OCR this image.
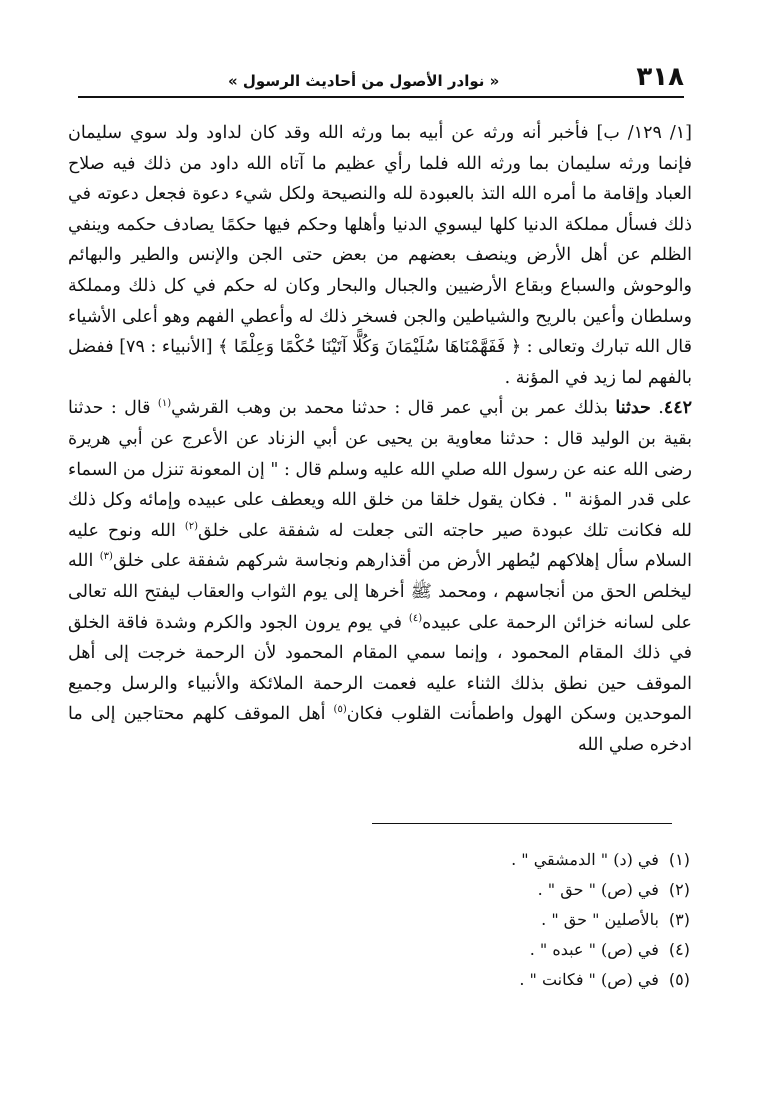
٣١٨
« نوادر الأصول من أحاديث الرسول »

[١/ ١٢٩/ ب] فأخبر أنه ورثه عن أبيه بما ورثه الله وقد كان لداود ولد سوي سليمان فإنما ورثه سليمان بما ورثه الله فلما رأي عظيم ما آتاه الله داود من ذلك فيه صلاح العباد وإقامة ما أمره الله التذ بالعبودة لله والنصيحة ولكل شيء دعوة فجعل دعوته في ذلك فسأل مملكة الدنيا كلها ليسوي الدنيا وأهلها وحكم فيها حكمًا يصادف حكمه وينفي الظلم عن أهل الأرض وينصف بعضهم من بعض حتى الجن والإنس والطير والبهائم والوحوش والسباع وبقاع الأرضيين والجبال والبحار وكان له حكم في كل ذلك ومملكة وسلطان وأعين بالريح والشياطين والجن فسخر ذلك له وأعطي الفهم وهو أعلى الأشياء قال الله تبارك وتعالى : ﴿ فَفَهَّمْنَاهَا سُلَيْمَانَ وَكُلًّا آتَيْنَا حُكْمًا وَعِلْمًا ﴾ [الأنبياء : ٧٩] ففضل بالفهم لما زيد في المؤنة .

٤٤٢. حدثنا بذلك عمر بن أبي عمر قال : حدثنا محمد بن وهب القرشي$^{(١)}$ قال : حدثنا بقية بن الوليد قال : حدثنا معاوية بن يحيى عن أبي الزناد عن الأعرج عن أبي هريرة رضى الله عنه عن رسول الله صلي الله عليه وسلم قال : " إن المعونة تنزل من السماء على قدر المؤنة " . فكان يقول خلقا من خلق الله ويعطف على عبيده وإمائه وكل ذلك لله فكانت تلك عبودة صير حاجته التى جعلت له شفقة على خلق$^{(٢)}$ الله ونوح عليه السلام سأل إهلاكهم ليُطهر الأرض من أقذارهم ونجاسة شركهم شفقة على خلق$^{(٣)}$ الله ليخلص الحق من أنجاسهم ، ومحمد ﷺ أخرها إلى يوم الثواب والعقاب ليفتح الله تعالى على لسانه خزائن الرحمة على عبيده$^{(٤)}$ في يوم يرون الجود والكرم وشدة فاقة الخلق في ذلك المقام المحمود ، وإنما سمي المقام المحمود لأن الرحمة خرجت إلى أهل الموقف حين نطق بذلك الثناء عليه فعمت الرحمة الملائكة والأنبياء والرسل وجميع الموحدين وسكن الهول واطمأنت القلوب فكان$^{(٥)}$ أهل الموقف كلهم محتاجين إلى ما ادخره صلي الله

(١)
في (د) " الدمشقي " .
(٢)
في (ص) " حق " .
(٣)
بالأصلين " حق " .
(٤)
في (ص) " عبده " .
(٥)
في (ص) " فكانت " .
